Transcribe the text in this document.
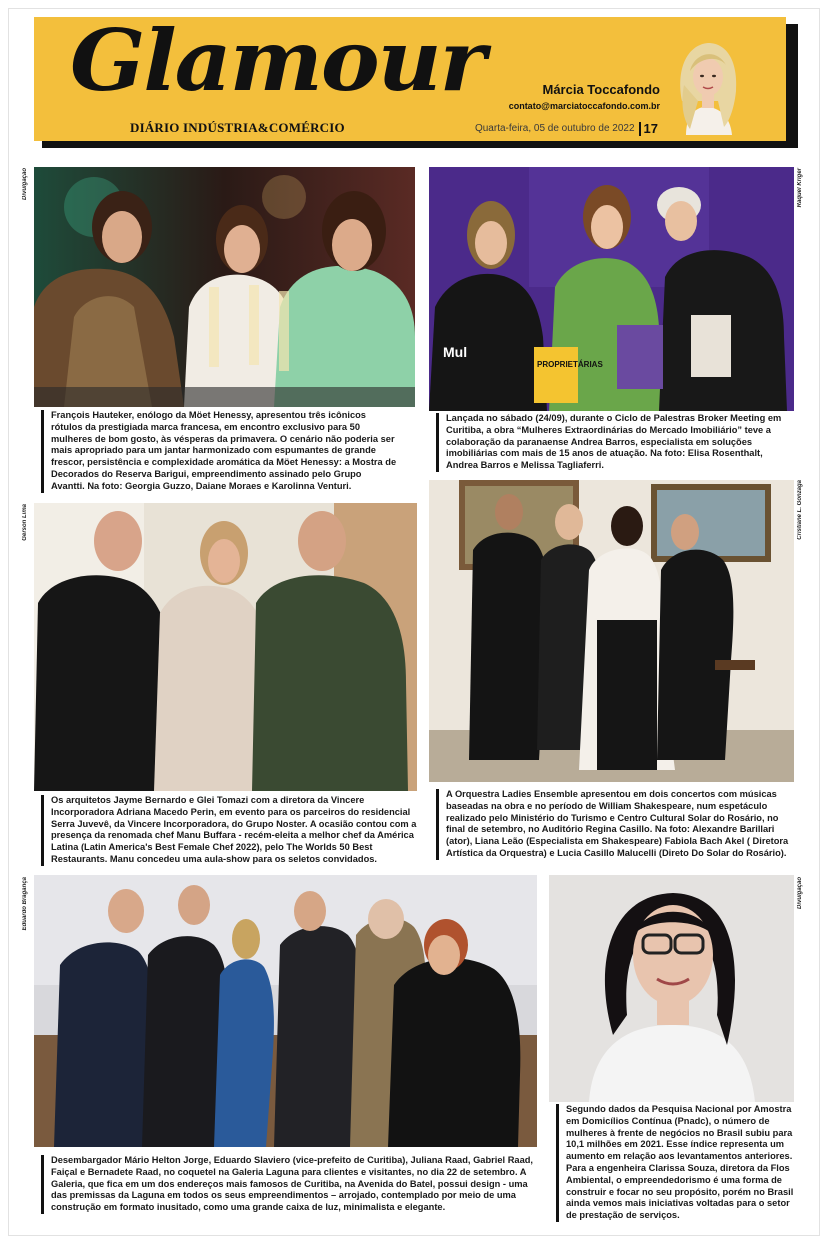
Glamour
DIÁRIO INDÚSTRIA&COMÉRCIO
Márcia Toccafondo
contato@marciatoccafondo.com.br
Quarta-feira, 05 de outubro de 2022 17
Divulgação
François Hauteker, enólogo da Möet Henessy, apresentou três icônicos rótulos da prestigiada marca francesa, em encontro exclusivo para 50 mulheres de bom gosto, às vésperas da primavera. O cenário não poderia ser mais apropriado para um jantar harmonizado com espumantes de grande frescor, persistência e complexidade aromática da Möet Henessy: a Mostra de Decorados do Reserva Barigui, empreendimento assinado pelo Grupo Avantti. Na foto: Georgia Guzzo, Daiane Moraes e Karolinna Venturi.
Raquel Kriger
PROPRIETÁRIAS
Mul
Lançada no sábado (24/09), durante o Ciclo de Palestras Broker Meeting em Curitiba, a obra “Mulheres Extraordinárias do Mercado Imobiliário” teve a colaboração da paranaense Andrea Barros, especialista em soluções imobiliárias com mais de 15 anos de atuação. Na foto: Elisa Rosenthalt, Andrea Barros e Melissa Tagliaferri.
Gerson Lima
Os arquitetos Jayme Bernardo e Glei Tomazi com a diretora da Vincere Incorporadora Adriana Macedo Perin, em evento para os parceiros do residencial Serra Juvevê, da Vincere Incorporadora, do Grupo Noster. A ocasião contou com a presença da renomada chef Manu Buffara - recém-eleita a melhor chef da América Latina (Latin America's Best Female Chef 2022), pelo The Worlds 50 Best Restaurants. Manu concedeu uma aula-show para os seletos convidados.
Cristiane L. Gonzaga
A Orquestra Ladies Ensemble apresentou em dois concertos com músicas baseadas na obra e no período de William Shakespeare, num espetáculo realizado pelo Ministério do Turismo e Centro Cultural Solar do Rosário, no final de setembro, no Auditório Regina Casillo. Na foto: Alexandre Barillari (ator), Liana Leão (Especialista em Shakespeare) Fabiola Bach Akel ( Diretora Artística da Orquestra) e Lucia Casillo Malucelli (Direto Do Solar do Rosário).
Eduardo Bragança
Desembargador Mário Helton Jorge, Eduardo Slaviero (vice-prefeito de Curitiba), Juliana Raad, Gabriel Raad, Faiçal e Bernadete Raad, no coquetel na Galeria Laguna para clientes e visitantes, no dia 22 de setembro. A Galeria, que fica em um dos endereços mais famosos de Curitiba, na Avenida do Batel, possui design - uma das premissas da Laguna em todos os seus empreendimentos – arrojado, contemplado por meio de uma construção em formato inusitado, como uma grande caixa de luz, minimalista e elegante.
Divulgação
Segundo dados da Pesquisa Nacional por Amostra em Domicílios Contínua (Pnadc), o número de mulheres à frente de negócios no Brasil subiu para 10,1 milhões em 2021. Esse índice representa um aumento em relação aos levantamentos anteriores. Para a engenheira Clarissa Souza, diretora da Flos Ambiental, o empreendedorismo é uma forma de construir e focar no seu propósito, porém no Brasil ainda vemos mais iniciativas voltadas para o setor de prestação de serviços.
